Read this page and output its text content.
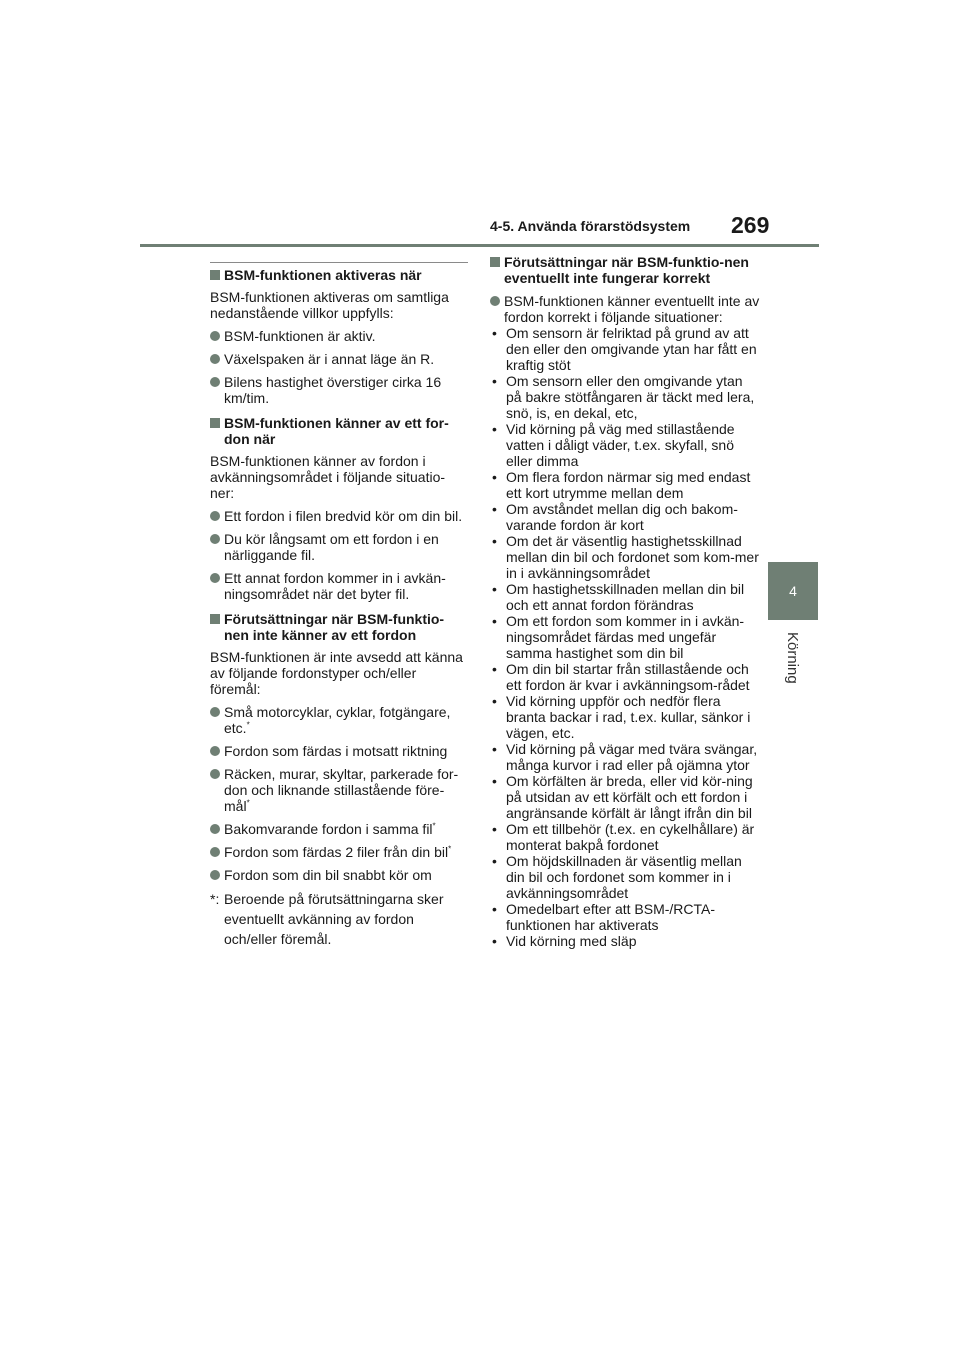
4-5. Använda förarstödsystem 269
4
Körning
BSM-funktionen aktiveras när
BSM-funktionen aktiveras om samtliga nedanstående villkor uppfylls:
BSM-funktionen är aktiv.
Växelspaken är i annat läge än R.
Bilens hastighet överstiger cirka 16 km/tim.
BSM-funktionen känner av ett for-don när
BSM-funktionen känner av fordon i avkänningsområdet i följande situatio-ner:
Ett fordon i filen bredvid kör om din bil.
Du kör långsamt om ett fordon i en närliggande fil.
Ett annat fordon kommer in i avkän-ningsområdet när det byter fil.
Förutsättningar när BSM-funktio-nen inte känner av ett fordon
BSM-funktionen är inte avsedd att känna av följande fordonstyper och/eller föremål:
Små motorcyklar, cyklar, fotgängare, etc.*
Fordon som färdas i motsatt riktning
Räcken, murar, skyltar, parkerade for-don och liknande stillastående före-mål*
Bakomvarande fordon i samma fil*
Fordon som färdas 2 filer från din bil*
Fordon som din bil snabbt kör om
*: Beroende på förutsättningarna sker eventuellt avkänning av fordon och/eller föremål.
Förutsättningar när BSM-funktio-nen eventuellt inte fungerar korrekt
BSM-funktionen känner eventuellt inte av fordon korrekt i följande situationer:
• Om sensorn är felriktad på grund av att den eller den omgivande ytan har fått en kraftig stöt
• Om sensorn eller den omgivande ytan på bakre stötfångaren är täckt med lera, snö, is, en dekal, etc,
• Vid körning på väg med stillastående vatten i dåligt väder, t.ex. skyfall, snö eller dimma
• Om flera fordon närmar sig med endast ett kort utrymme mellan dem
• Om avståndet mellan dig och bakom-varande fordon är kort
• Om det är väsentlig hastighetsskillnad mellan din bil och fordonet som kom-mer in i avkänningsområdet
• Om hastighetsskillnaden mellan din bil och ett annat fordon förändras
• Om ett fordon som kommer in i avkän-ningsområdet färdas med ungefär samma hastighet som din bil
• Om din bil startar från stillastående och ett fordon är kvar i avkänningsom-rådet
• Vid körning uppför och nedför flera branta backar i rad, t.ex. kullar, sänkor i vägen, etc.
• Vid körning på vägar med tvära svängar, många kurvor i rad eller på ojämna ytor
• Om körfälten är breda, eller vid kör-ning på utsidan av ett körfält och ett fordon i angränsande körfält är långt ifrån din bil
• Om ett tillbehör (t.ex. en cykelhållare) är monterat bakpå fordonet
• Om höjdskillnaden är väsentlig mellan din bil och fordonet som kommer in i avkänningsområdet
• Omedelbart efter att BSM-/RCTA-funktionen har aktiverats
• Vid körning med släp
